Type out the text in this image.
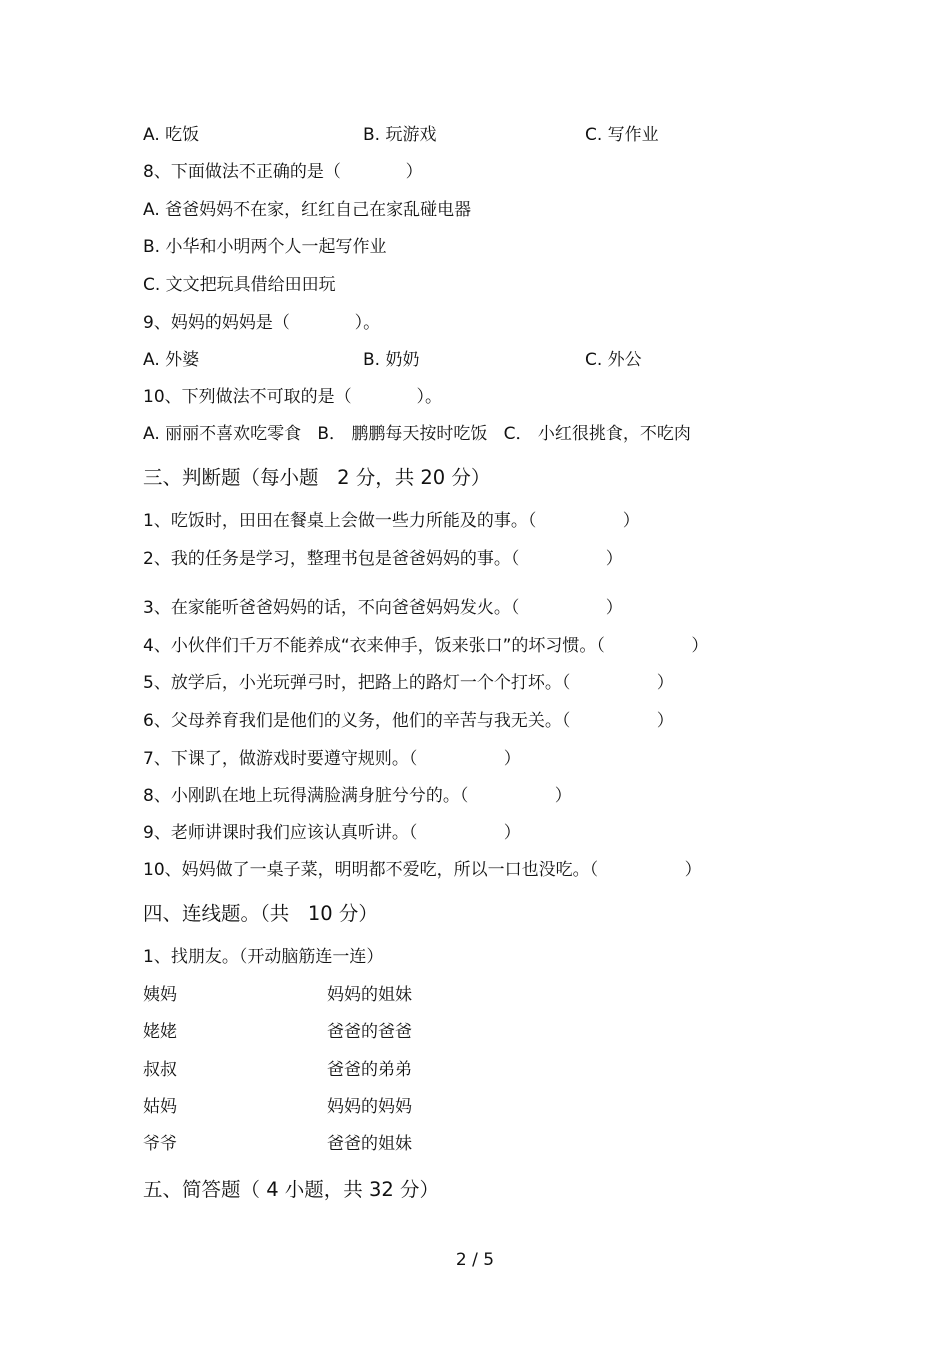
A. 吃饭	B. 玩游戏	C. 写作业
8、下面做法不正确的是（            ）
A. 爸爸妈妈不在家，红红自己在家乱碰电器
B. 小华和小明两个人一起写作业
C. 文文把玩具借给田田玩
9、妈妈的妈妈是（            ）。
A. 外婆	B. 奶奶	C. 外公
10、下列做法不可取的是（            ）。
A. 丽丽不喜欢吃零食   B． 鹏鹏每天按时吃饭   C． 小红很挑食，不吃肉
三、判断题（每小题   2 分，共 20 分）
1、吃饭时，田田在餐桌上会做一些力所能及的事。（                ）
2、我的任务是学习，整理书包是爸爸妈妈的事。（                ）
3、在家能听爸爸妈妈的话，不向爸爸妈妈发火。（                ）
4、小伙伴们千万不能养成“衣来伸手，饭来张口”的坏习惯。（                ）
5、放学后，小光玩弹弓时，把路上的路灯一个个打坏。（                ）
6、父母养育我们是他们的义务，他们的辛苦与我无关。（                ）
7、下课了，做游戏时要遵守规则。（                ）
8、小刚趴在地上玩得满脸满身脏兮兮的。（                ）
9、老师讲课时我们应该认真听讲。（                ）
10、妈妈做了一桌子菜，明明都不爱吃，所以一口也没吃。（                ）
四、连线题。（共   10 分）
1、找朋友。（开动脑筋连一连）
姨妈	妈妈的姐妹
姥姥	爸爸的爸爸
叔叔	爸爸的弟弟
姑妈	妈妈的妈妈
爷爷	爸爸的姐妹
五、简答题（ 4 小题，共 32 分）
2 / 5
